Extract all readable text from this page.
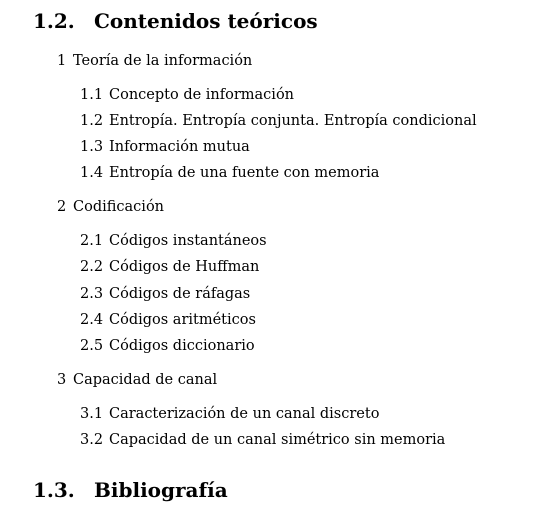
1.2. Contenidos teóricos
1 Teoría de la información
1.1 Concepto de información
1.2 Entropía. Entropía conjunta. Entropía condicional
1.3 Información mutua
1.4 Entropía de una fuente con memoria
2 Codificación
2.1 Códigos instantáneos
2.2 Códigos de Huffman
2.3 Códigos de ráfagas
2.4 Códigos aritméticos
2.5 Códigos diccionario
3 Capacidad de canal
3.1 Caracterización de un canal discreto
3.2 Capacidad de un canal simétrico sin memoria
1.3. Bibliografía
